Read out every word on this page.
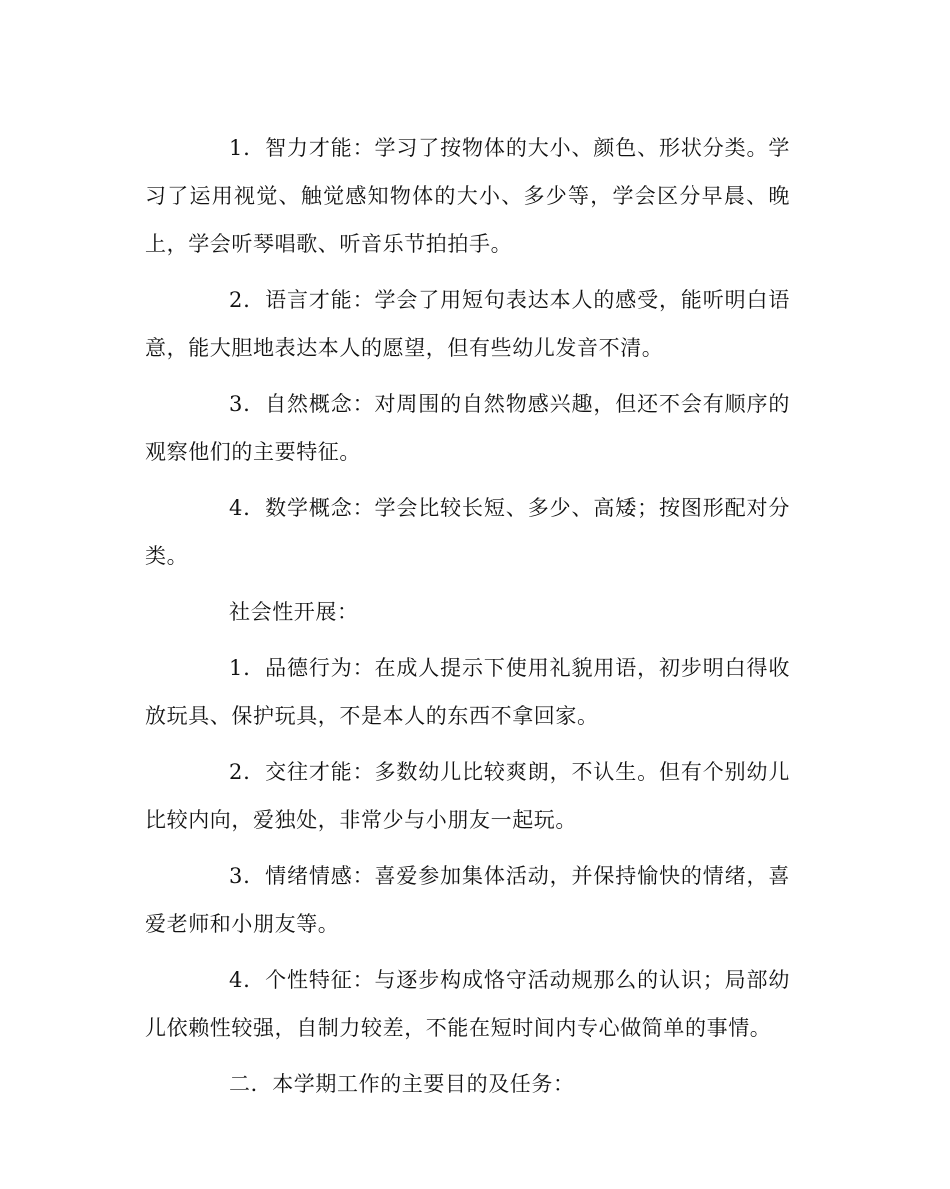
1．智力才能：学习了按物体的大小、颜色、形状分类。学习了运用视觉、触觉感知物体的大小、多少等，学会区分早晨、晚上，学会听琴唱歌、听音乐节拍拍手。

2．语言才能：学会了用短句表达本人的感受，能听明白语意，能大胆地表达本人的愿望，但有些幼儿发音不清。

3．自然概念：对周围的自然物感兴趣，但还不会有顺序的观察他们的主要特征。

4．数学概念：学会比较长短、多少、高矮；按图形配对分类。

社会性开展：

1．品德行为：在成人提示下使用礼貌用语，初步明白得收放玩具、保护玩具，不是本人的东西不拿回家。

2．交往才能：多数幼儿比较爽朗，不认生。但有个别幼儿比较内向，爱独处，非常少与小朋友一起玩。

3．情绪情感：喜爱参加集体活动，并保持愉快的情绪，喜爱老师和小朋友等。

4．个性特征：与逐步构成恪守活动规那么的认识；局部幼儿依赖性较强，自制力较差，不能在短时间内专心做简单的事情。

二．本学期工作的主要目的及任务：
